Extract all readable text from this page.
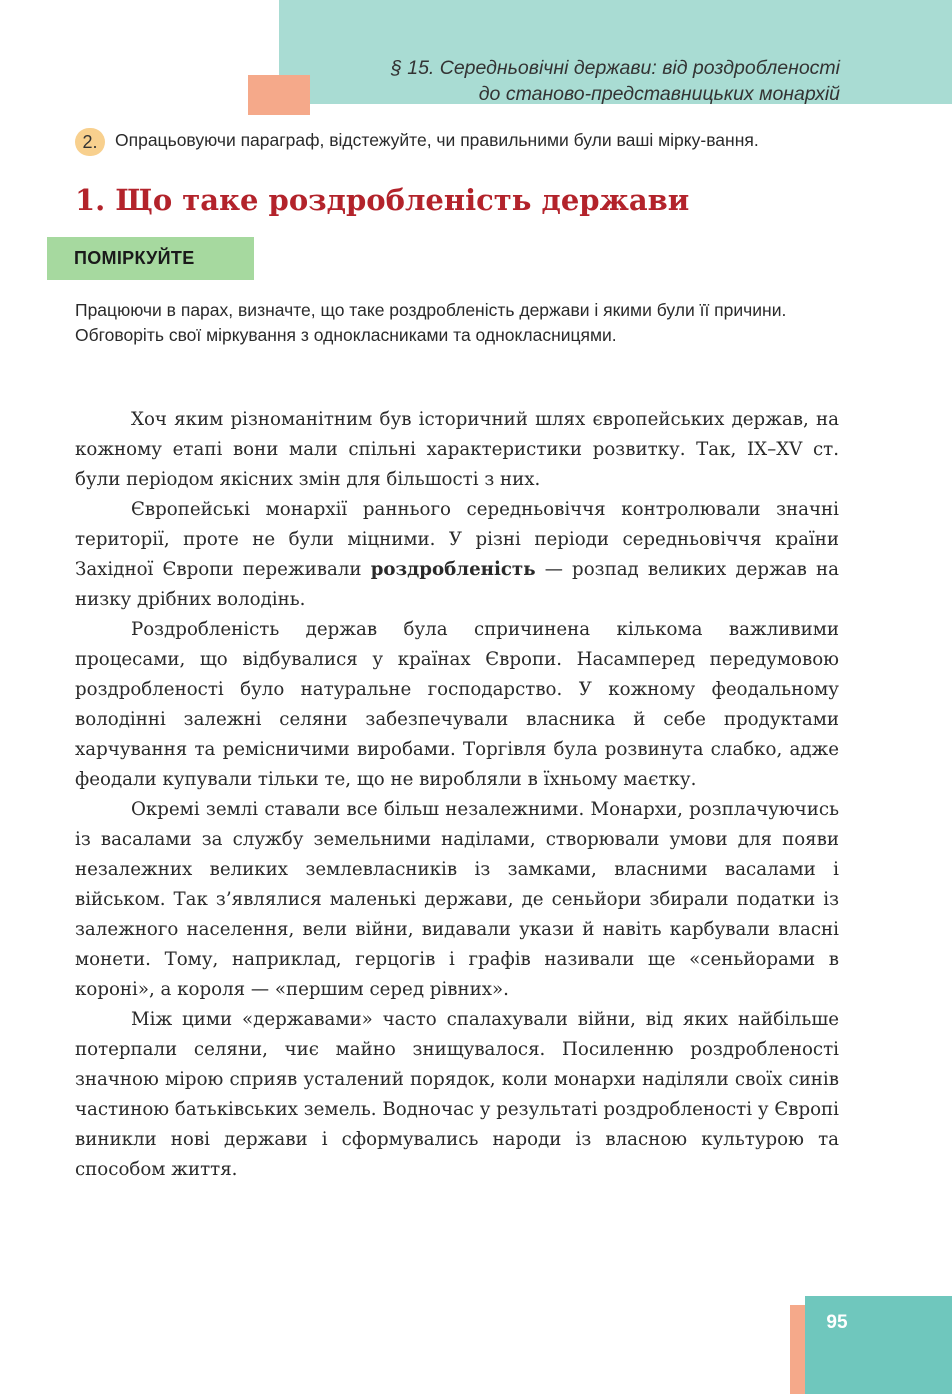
§ 15. Середньовічні держави: від роздробленості
до станово-представницьких монархій
2.	Опрацьовуючи параграф, відстежуйте, чи правильними були ваші мірку-вання.
1. Що таке роздробленість держави
ПОМІРКУЙТЕ
Працюючи в парах, визначте, що таке роздробленість держави і якими були її причини. Обговоріть свої міркування з однокласниками та однокласницями.

Хоч яким різноманітним був історичний шлях європейських держав, на кожному етапі вони мали спільні характеристики розвитку. Так, IX–XV ст. були періодом якісних змін для більшості з них.

Європейські монархії раннього середньовіччя контролювали значні території, проте не були міцними. У різні періоди середньовіччя країни Західної Європи переживали роздробленість — розпад великих держав на низку дрібних володінь.

Роздробленість держав була спричинена кількома важливими процесами, що відбувалися у країнах Європи. Насамперед передумовою роздробленості було натуральне господарство. У кожному феодальному володінні залежні селяни забезпечували власника й себе продуктами харчування та ремісничими виробами. Торгівля була розвинута слабко, адже феодали купували тільки те, що не виробляли в їхньому маєтку.

Окремі землі ставали все більш незалежними. Монархи, розплачуючись із васалами за службу земельними наділами, створювали умови для появи незалежних великих землевласників із замками, власними васалами і військом. Так з’являлися маленькі держави, де сеньйори збирали податки із залежного населення, вели війни, видавали укази й навіть карбували власні монети. Тому, наприклад, герцогів і графів називали ще «сеньйорами в короні», а короля — «першим серед рівних».

Між цими «державами» часто спалахували війни, від яких найбільше потерпали селяни, чиє майно знищувалося. Посиленню роздробленості значною мірою сприяв усталений порядок, коли монархи наділяли своїх синів частиною батьківських земель. Водночас у результаті роздробленості у Європі виникли нові держави і сформувались народи із власною культурою та способом життя.

95
